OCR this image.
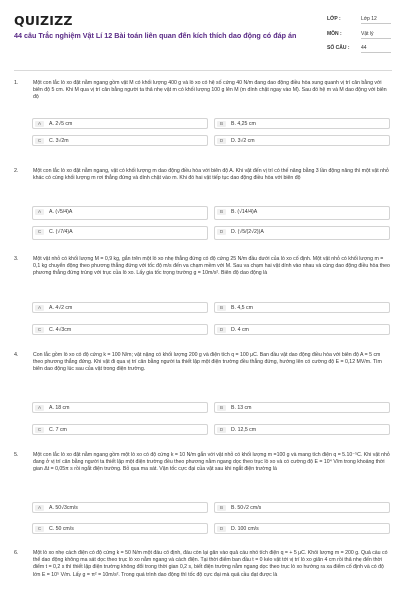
QUIZIZZ
44 câu Trắc nghiệm Vật Lí 12 Bài toán liên quan đến kích thích dao động có đáp án
LỚP :	Lớp 12
MÔN :	Vật lý
SỐ CÂU : 44
1.	Một con lắc lò xo đặt nằm ngang gồm vật M có khối lượng 400 g và lò xo có hệ số cứng 40 N/m đang dao động điều hòa xung quanh vị trí cân bằng với biên độ 5 cm. Khi M qua vị trí cân bằng người ta thả nhẹ vật m có khối lượng 100 g lên M (m dính chặt ngay vào M). Sau đó hệ m và M dao động với biên độ
A	A. 2√5 cm	B	B. 4,25 cm
C	C. 3√2m	D	D. 3√2 cm
2.	Một con lắc lò xo đặt nằm ngang, vật có khối lượng m dao động điều hòa với biên độ A. Khi vật đến vị trí có thế năng bằng 3 lần động năng thì một vật nhỏ khác có cùng khối lượng m rơi thẳng đứng và dính chặt vào m. Khi đó hai vật tiếp tục dao động điều hòa với biên độ
A	A. (√5/4)A	B	B. (√14/4)A
C	C. (√7/4)A	D	D. (√5/(2√2))A
3.	Một vật nhỏ có khối lượng M = 0,9 kg, gắn trên một lò xo nhẹ thẳng đứng có độ cứng 25 N/m đầu dưới của lò xo cố định. Một vật nhỏ có khối lượng m = 0,1 kg chuyển động theo phương thẳng đứng với tốc độ m/s đến va chạm mềm với M. Sau va chạm hai vật dính vào nhau và cùng dao động điều hòa theo phương thẳng đứng trùng với trục của lò xo. Lấy gia tốc trọng trường g = 10m/s². Biên độ dao động là
A	A. 4√2 cm	B	B. 4,5 cm
C	C. 4√3cm	D	D. 4 cm
4.	Con lắc gồm lò xo có độ cứng k = 100 N/m; vật nặng có khối lượng 200 g và điện tích q = 100 μC. Ban đầu vật dao động điều hòa với biên độ A = 5 cm theo phương thẳng đứng. Khi vật đi qua vị trí cân bằng người ta thiết lập một điện trường đều thẳng đứng, hướng lên có cường độ E = 0,12 MV/m. Tìm biên dao động lúc sau của vật trong điện trường.
A	A. 18 cm	B	B. 13 cm
C	C. 7 cm	D	D. 12,5 cm
5.	Một con lắc lò xo đặt nằm ngang gồm một lò xo có độ cứng k = 10 N/m gắn với vật nhỏ có khối lượng m =100 g và mang tích điện q = 5.10⁻⁵C. Khi vật nhỏ đang ở vị trí cân bằng người ta thiết lập một điện trường đều theo phương nằm ngang dọc theo trục lò xo và có cường độ E = 10⁴ V/m trong khoảng thời gian Δt = 0,05π s rồi ngắt điện trường. Bỏ qua ma sát. Vận tốc cực đại của vật sau khi ngắt điện trường là
A	A. 50√3cm/s	B	B. 50√2 cm/s
C	C. 50 cm/s	D	D. 100 cm/s
6.	Một lò xo nhẹ cách điện có độ cứng k = 50 N/m một đầu cố định, đầu còn lại gắn vào quả cầu nhỏ tích điện q = + 5 μC. Khối lượng m = 200 g. Quả cầu có thể dao động không ma sát dọc theo trục lò xo nằm ngang và cách điện. Tại thời điểm ban đầu t = 0 kéo vật tới vị trí lò xo giãn 4 cm rồi thả nhẹ đến thời điểm t = 0,2 s thì thiết lập điện trường không đổi trong thời gian 0,2 s, biết điện trường nằm ngang dọc theo trục lò xo hướng ra xa điểm cố định và có độ lớn E = 10⁵ V/m. Lấy g = π² = 10m/s². Trong quá trình dao động thì tốc độ cực đại mà quả cầu đạt được là
